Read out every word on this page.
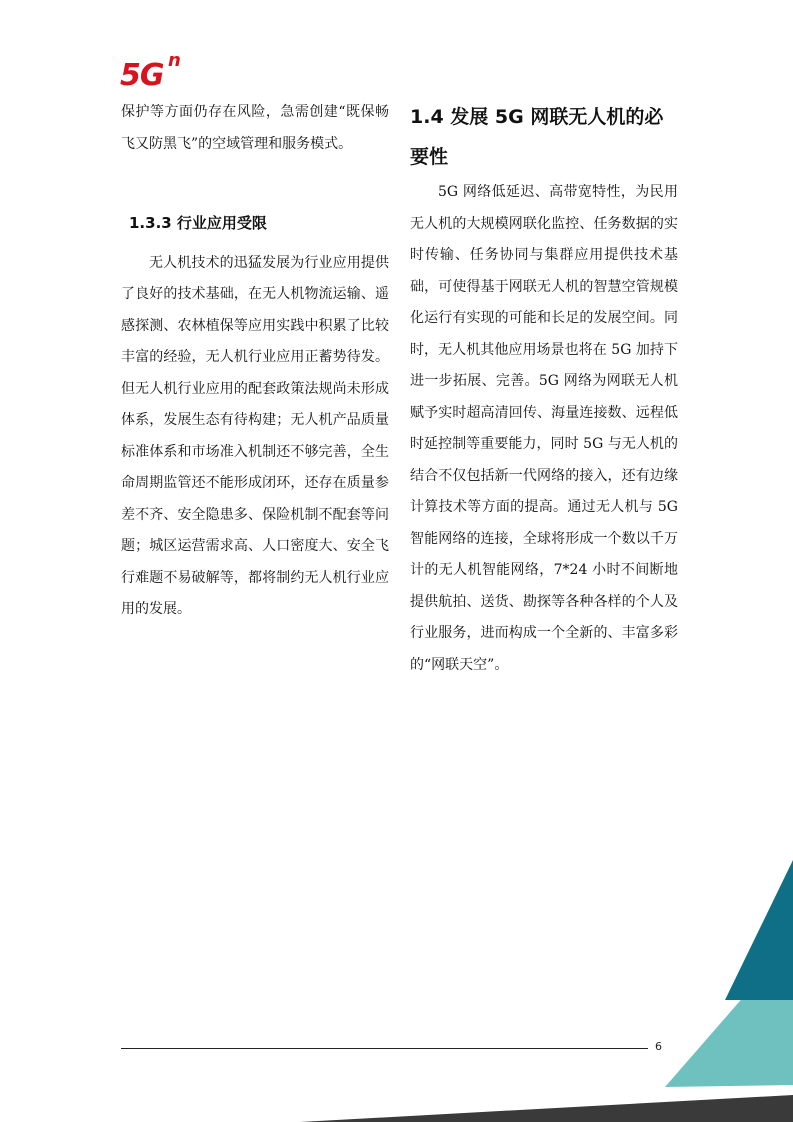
5G n

保护等方面仍存在风险，急需创建“既保畅飞又防黑飞”的空域管理和服务模式。

1.3.3 行业应用受限

无人机技术的迅猛发展为行业应用提供了良好的技术基础，在无人机物流运输、遥感探测、农林植保等应用实践中积累了比较丰富的经验，无人机行业应用正蓄势待发。但无人机行业应用的配套政策法规尚未形成体系，发展生态有待构建；无人机产品质量标准体系和市场准入机制还不够完善，全生命周期监管还不能形成闭环，还存在质量参差不齐、安全隐患多、保险机制不配套等问题；城区运营需求高、人口密度大、安全飞行难题不易破解等，都将制约无人机行业应用的发展。

1.4 发展 5G 网联无人机的必要性

5G 网络低延迟、高带宽特性，为民用无人机的大规模网联化监控、任务数据的实时传输、任务协同与集群应用提供技术基础，可使得基于网联无人机的智慧空管规模化运行有实现的可能和长足的发展空间。同时，无人机其他应用场景也将在 5G 加持下进一步拓展、完善。5G 网络为网联无人机赋予实时超高清回传、海量连接数、远程低时延控制等重要能力，同时 5G 与无人机的结合不仅包括新一代网络的接入，还有边缘计算技术等方面的提高。通过无人机与 5G 智能网络的连接，全球将形成一个数以千万计的无人机智能网络，7*24 小时不间断地提供航拍、送货、勘探等各种各样的个人及行业服务，进而构成一个全新的、丰富多彩的“网联天空”。

6
